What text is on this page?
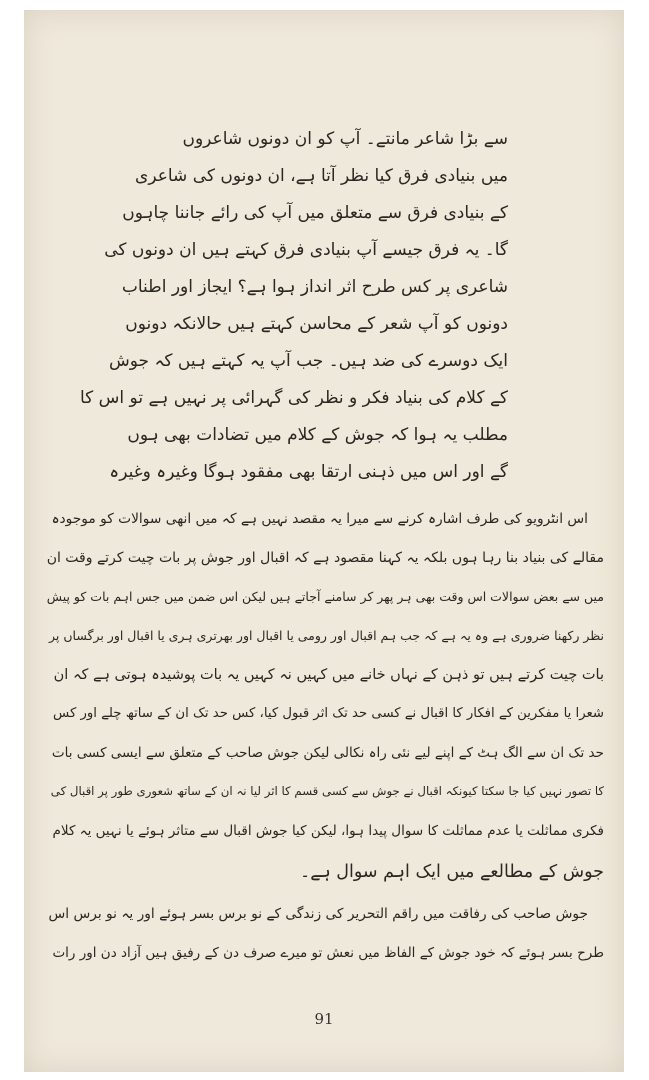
سے بڑا شاعر مانتے۔ آپ کو ان دونوں شاعروں
میں بنیادی فرق کیا نظر آتا ہے، ان دونوں کی شاعری
کے بنیادی فرق سے متعلق میں آپ کی رائے جاننا چاہوں
گا۔ یہ فرق جیسے آپ بنیادی فرق کہتے ہیں ان دونوں کی
شاعری پر کس طرح اثر انداز ہوا ہے؟ ایجاز اور اطناب
دونوں کو آپ شعر کے محاسن کہتے ہیں حالانکہ دونوں
ایک دوسرے کی ضد ہیں۔ جب آپ یہ کہتے ہیں کہ جوش
کے کلام کی بنیاد فکر و نظر کی گہرائی پر نہیں ہے تو اس کا
مطلب یہ ہوا کہ جوش کے کلام میں تضادات بھی ہوں
گے اور اس میں ذہنی ارتقا بھی مفقود ہوگا وغیرہ وغیرہ
اس انٹرویو کی طرف اشارہ کرنے سے میرا یہ مقصد نہیں ہے کہ میں انھی سوالات کو موجودہ
مقالے کی بنیاد بنا رہا ہوں بلکہ یہ کہنا مقصود ہے کہ اقبال اور جوش پر بات چیت کرتے وقت ان
میں سے بعض سوالات اس وقت بھی ہر پھر کر سامنے آجاتے ہیں لیکن اس ضمن میں جس اہم بات کو پیش
نظر رکھنا ضروری ہے وہ یہ ہے کہ جب ہم اقبال اور رومی یا اقبال اور بھرتری ہری یا اقبال اور برگساں پر
بات چیت کرتے ہیں تو ذہن کے نہاں خانے میں کہیں نہ کہیں یہ بات پوشیدہ ہوتی ہے کہ ان
شعرا یا مفکرین کے افکار کا اقبال نے کسی حد تک اثر قبول کیا، کس حد تک ان کے ساتھ چلے اور کس
حد تک ان سے الگ ہٹ کے اپنے لیے نئی راہ نکالی لیکن جوش صاحب کے متعلق سے ایسی کسی بات
کا تصور نہیں کیا جا سکتا کیونکہ اقبال نے جوش سے کسی قسم کا اثر لیا نہ ان کے ساتھ شعوری طور پر اقبال کی
فکری مماثلت یا عدم مماثلت کا سوال پیدا ہوا، لیکن کیا جوش اقبال سے متاثر ہوئے یا نہیں یہ کلام
جوش کے مطالعے میں ایک اہم سوال ہے۔
جوش صاحب کی رفاقت میں راقم التحریر کی زندگی کے نو برس بسر ہوئے اور یہ نو برس اس
طرح بسر ہوئے کہ خود جوش کے الفاظ میں نعش تو میرے صرف دن کے رفیق ہیں آزاد دن اور رات
91
